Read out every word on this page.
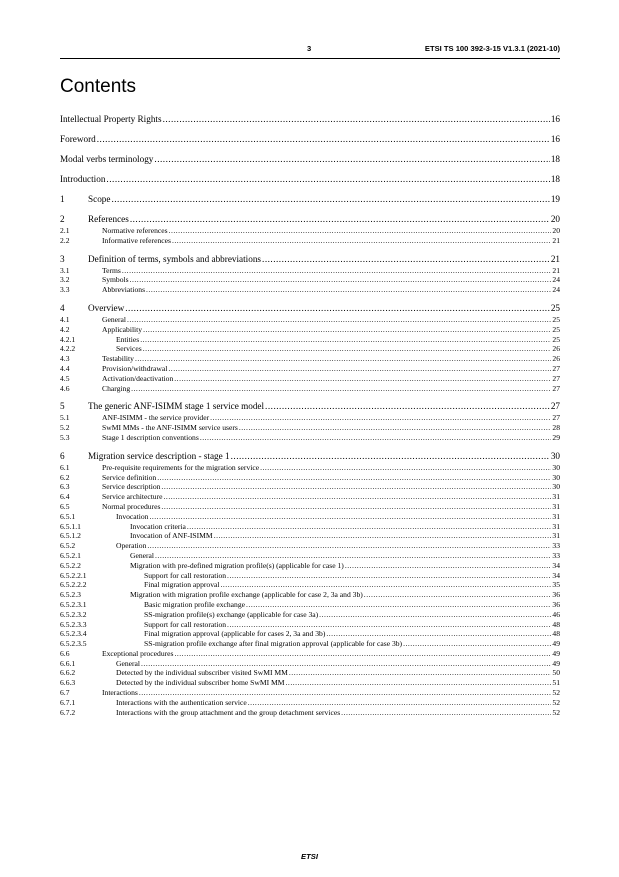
3	ETSI TS 100 392-3-15 V1.3.1 (2021-10)
Contents
Intellectual Property Rights .....	16
Foreword .....	16
Modal verbs terminology .....	18
Introduction .....	18
1	Scope .....	19
2	References .....	20
2.1	Normative references .....	20
2.2	Informative references .....	21
3	Definition of terms, symbols and abbreviations .....	21
3.1	Terms .....	21
3.2	Symbols .....	24
3.3	Abbreviations .....	24
4	Overview .....	25
4.1	General .....	25
4.2	Applicability .....	25
4.2.1	Entities .....	25
4.2.2	Services .....	26
4.3	Testability .....	26
4.4	Provision/withdrawal .....	27
4.5	Activation/deactivation .....	27
4.6	Charging .....	27
5	The generic ANF-ISIMM stage 1 service model .....	27
5.1	ANF-ISIMM - the service provider .....	27
5.2	SwMI MMs - the ANF-ISIMM service users .....	28
5.3	Stage 1 description conventions .....	29
6	Migration service description - stage 1 .....	30
6.1	Pre-requisite requirements for the migration service .....	30
6.2	Service definition .....	30
6.3	Service description .....	30
6.4	Service architecture .....	31
6.5	Normal procedures .....	31
6.5.1	Invocation .....	31
6.5.1.1	Invocation criteria .....	31
6.5.1.2	Invocation of ANF-ISIMM .....	31
6.5.2	Operation .....	33
6.5.2.1	General .....	33
6.5.2.2	Migration with pre-defined migration profile(s) (applicable for case 1) .....	34
6.5.2.2.1	Support for call restoration .....	34
6.5.2.2.2	Final migration approval .....	35
6.5.2.3	Migration with migration profile exchange (applicable for case 2, 3a and 3b) .....	36
6.5.2.3.1	Basic migration profile exchange .....	36
6.5.2.3.2	SS-migration profile(s) exchange (applicable for case 3a) .....	46
6.5.2.3.3	Support for call restoration .....	48
6.5.2.3.4	Final migration approval (applicable for cases 2, 3a and 3b) .....	48
6.5.2.3.5	SS-migration profile exchange after final migration approval (applicable for case 3b) .....	49
6.6	Exceptional procedures .....	49
6.6.1	General .....	49
6.6.2	Detected by the individual subscriber visited SwMI MM .....	50
6.6.3	Detected by the individual subscriber home SwMI MM .....	51
6.7	Interactions .....	52
6.7.1	Interactions with the authentication service .....	52
6.7.2	Interactions with the group attachment and the group detachment services .....	52
ETSI
